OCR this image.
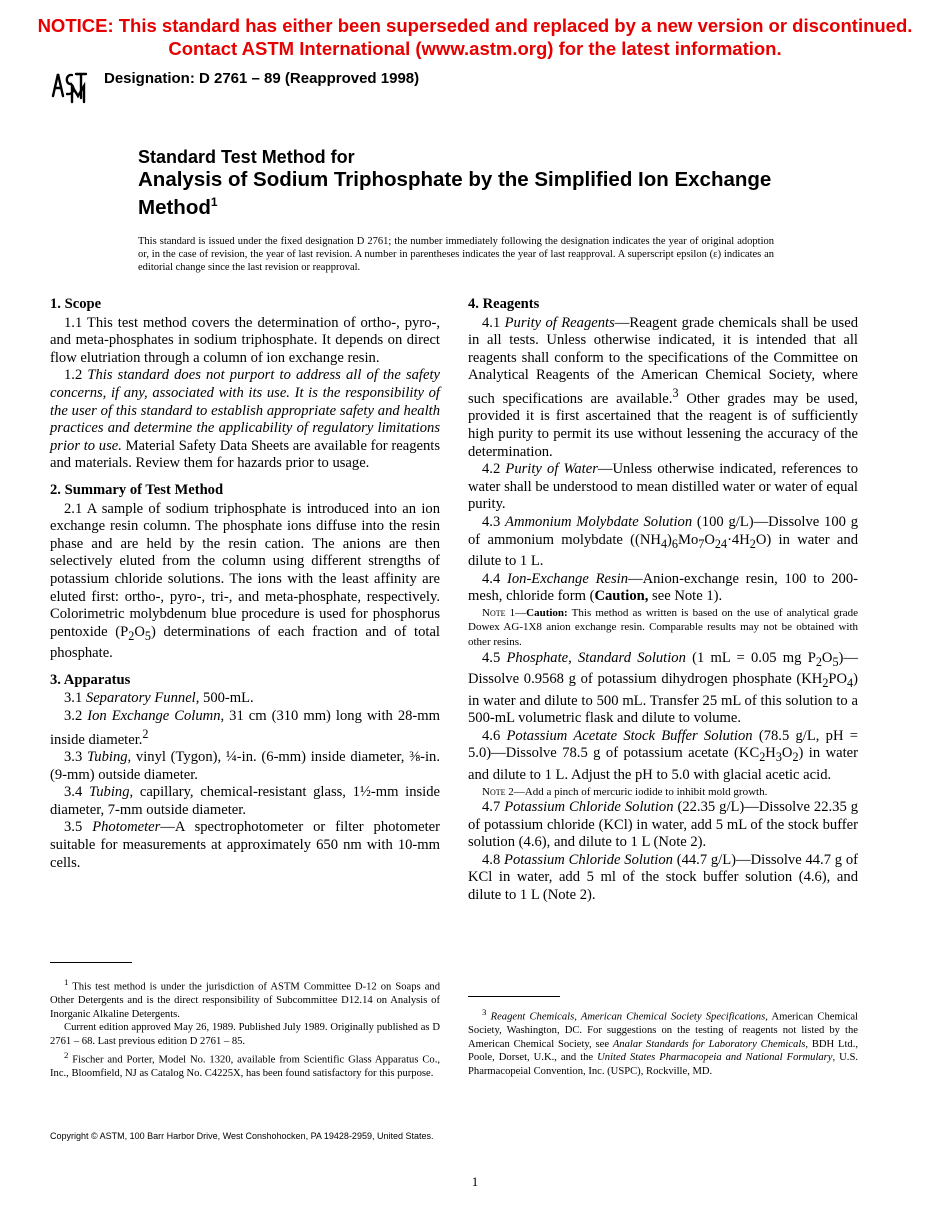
NOTICE: This standard has either been superseded and replaced by a new version or discontinued.
Contact ASTM International (www.astm.org) for the latest information.
Designation: D 2761 – 89 (Reapproved 1998)
Standard Test Method for
Analysis of Sodium Triphosphate by the Simplified Ion Exchange Method$^1$
This standard is issued under the fixed designation D 2761; the number immediately following the designation indicates the year of original adoption or, in the case of revision, the year of last revision. A number in parentheses indicates the year of last reapproval. A superscript epsilon (ε) indicates an editorial change since the last revision or reapproval.
1. Scope

1.1 This test method covers the determination of ortho-, pyro-, and meta-phosphates in sodium triphosphate. It depends on direct flow elutriation through a column of ion exchange resin.

1.2 This standard does not purport to address all of the safety concerns, if any, associated with its use. It is the responsibility of the user of this standard to establish appropriate safety and health practices and determine the applicability of regulatory limitations prior to use. Material Safety Data Sheets are available for reagents and materials. Review them for hazards prior to usage.

2. Summary of Test Method

2.1 A sample of sodium triphosphate is introduced into an ion exchange resin column. The phosphate ions diffuse into the resin phase and are held by the resin cation. The anions are then selectively eluted from the column using different strengths of potassium chloride solutions. The ions with the least affinity are eluted first: ortho-, pyro-, tri-, and meta-phosphate, respectively. Colorimetric molybdenum blue procedure is used for phosphorus pentoxide $(P_2O_5)$ determinations of each fraction and of total phosphate.

3. Apparatus

3.1 Separatory Funnel, 500-mL.

3.2 Ion Exchange Column, 31 cm (310 mm) long with 28-mm inside diameter.$^2$

3.3 Tubing, vinyl (Tygon), ¼-in. (6-mm) inside diameter, ⅜-in. (9-mm) outside diameter.

3.4 Tubing, capillary, chemical-resistant glass, 1½-mm inside diameter, 7-mm outside diameter.

3.5 Photometer—A spectrophotometer or filter photometer suitable for measurements at approximately 650 nm with 10-mm cells.

4. Reagents

4.1 Purity of Reagents—Reagent grade chemicals shall be used in all tests. Unless otherwise indicated, it is intended that all reagents shall conform to the specifications of the Committee on Analytical Reagents of the American Chemical Society, where such specifications are available.$^3$ Other grades may be used, provided it is first ascertained that the reagent is of sufficiently high purity to permit its use without lessening the accuracy of the determination.

4.2 Purity of Water—Unless otherwise indicated, references to water shall be understood to mean distilled water or water of equal purity.

4.3 Ammonium Molybdate Solution (100 g/L)—Dissolve 100 g of ammonium molybdate $((NH_4)_6Mo_7O_{24}\cdot 4H_2O)$ in water and dilute to 1 L.

4.4 Ion-Exchange Resin—Anion-exchange resin, 100 to 200-mesh, chloride form (Caution, see Note 1).

Note 1—Caution: This method as written is based on the use of analytical grade Dowex AG-1X8 anion exchange resin. Comparable results may not be obtained with other resins.

4.5 Phosphate, Standard Solution (1 mL = 0.05 mg $P_2O_5)—Dissolve$ 0.9568 g of potassium dihydrogen phosphate $(KH_2PO_4)$ in water and dilute to 500 mL. Transfer 25 mL of this solution to a 500-mL volumetric flask and dilute to volume.

4.6 Potassium Acetate Stock Buffer Solution (78.5 g/L, pH = 5.0)—Dissolve 78.5 g of potassium acetate $(KC_2H_3O_2)$ in water and dilute to 1 L. Adjust the pH to 5.0 with glacial acetic acid.

Note 2—Add a pinch of mercuric iodide to inhibit mold growth.

4.7 Potassium Chloride Solution (22.35 g/L)—Dissolve 22.35 g of potassium chloride (KCl) in water, add 5 mL of the stock buffer solution (4.6), and dilute to 1 L (Note 2).

4.8 Potassium Chloride Solution (44.7 g/L)—Dissolve 44.7 g of KCl in water, add 5 ml of the stock buffer solution (4.6), and dilute to 1 L (Note 2).

$^1$ This test method is under the jurisdiction of ASTM Committee D-12 on Soaps and Other Detergents and is the direct responsibility of Subcommittee D12.14 on Analysis of Inorganic Alkaline Detergents.

Current edition approved May 26, 1989. Published July 1989. Originally published as D 2761 – 68. Last previous edition D 2761 – 85.

$^2$ Fischer and Porter, Model No. 1320, available from Scientific Glass Apparatus Co., Inc., Bloomfield, NJ as Catalog No. C4225X, has been found satisfactory for this purpose.

$^3$ Reagent Chemicals, American Chemical Society Specifications, American Chemical Society, Washington, DC. For suggestions on the testing of reagents not listed by the American Chemical Society, see Analar Standards for Laboratory Chemicals, BDH Ltd., Poole, Dorset, U.K., and the United States Pharmacopeia and National Formulary, U.S. Pharmacopeial Convention, Inc. (USPC), Rockville, MD.

Copyright © ASTM, 100 Barr Harbor Drive, West Conshohocken, PA 19428-2959, United States.
1
